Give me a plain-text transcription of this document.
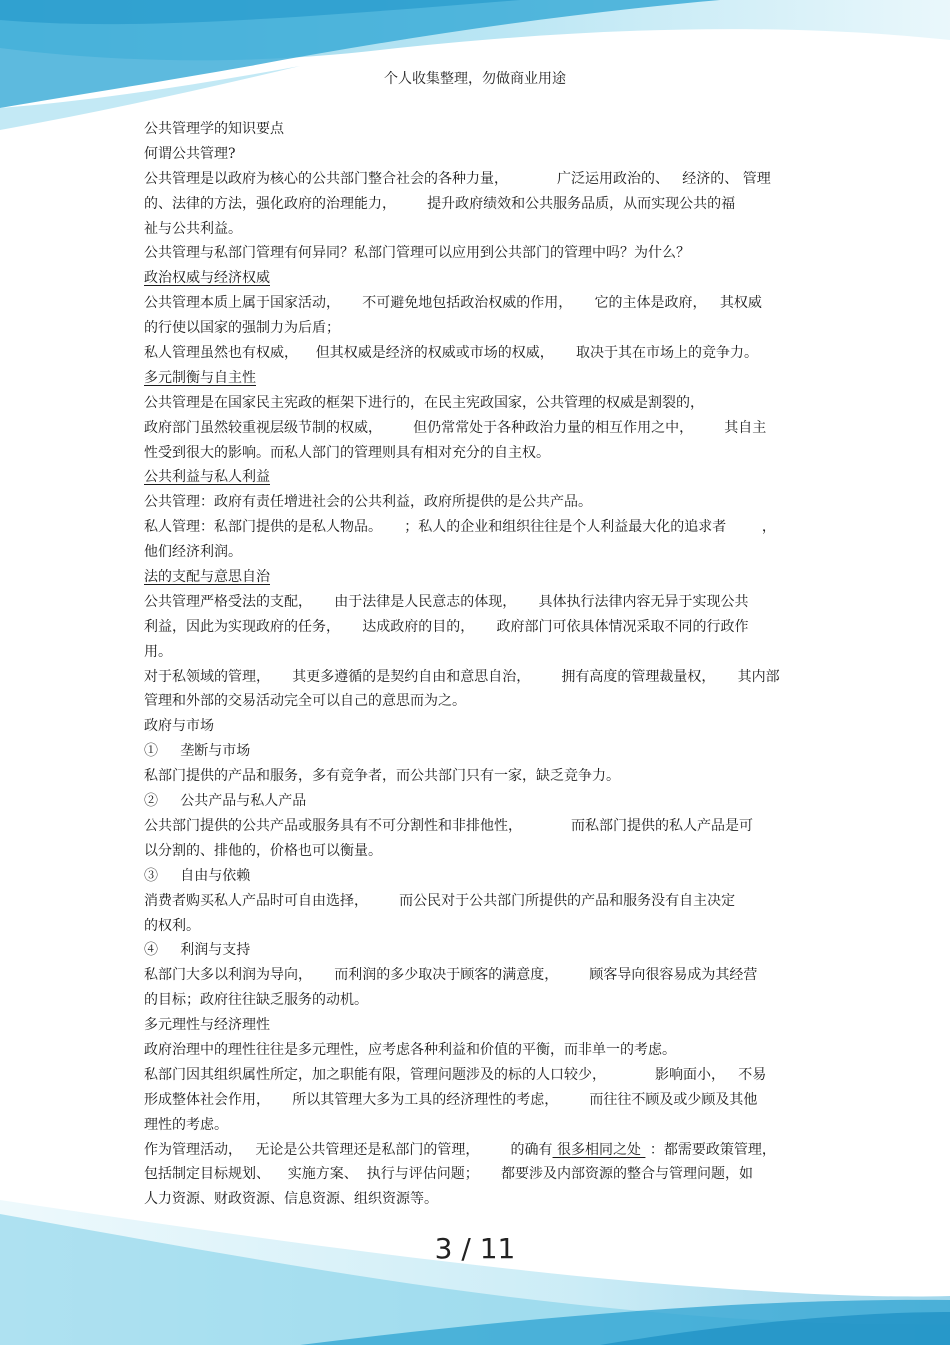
个人收集整理，勿做商业用途
公共管理学的知识要点
何谓公共管理?
公共管理是以政府为核心的公共部门整合社会的各种力量，           广泛运用政治的、   经济的、 管理
的、法律的方法，强化政府的治理能力，       提升政府绩效和公共服务品质，从而实现公共的福
祉与公共利益。
公共管理与私部门管理有何异同？私部门管理可以应用到公共部门的管理中吗？为什么？
政治权威与经济权威
公共管理本质上属于国家活动，     不可避免地包括政治权威的作用，     它的主体是政府，   其权威
的行使以国家的强制力为后盾；
私人管理虽然也有权威，    但其权威是经济的权威或市场的权威，     取决于其在市场上的竞争力。
多元制衡与自主性
公共管理是在国家民主宪政的框架下进行的，在民主宪政国家，公共管理的权威是割裂的，
政府部门虽然较重视层级节制的权威，       但仍常常处于各种政治力量的相互作用之中，       其自主
性受到很大的影响。而私人部门的管理则具有相对充分的自主权。
公共利益与私人利益
公共管理：政府有责任增进社会的公共利益，政府所提供的是公共产品。
私人管理：私部门提供的是私人物品。     ；私人的企业和组织往往是个人利益最大化的追求者        ，
他们经济利润。
法的支配与意思自治
公共管理严格受法的支配，     由于法律是人民意志的体现，     具体执行法律内容无异于实现公共
利益，因此为实现政府的任务，     达成政府的目的，     政府部门可依具体情况采取不同的行政作
用。
对于私领域的管理，     其更多遵循的是契约自由和意思自治，       拥有高度的管理裁量权，     其内部
管理和外部的交易活动完全可以自己的意思而为之。
政府与市场
①     垄断与市场
私部门提供的产品和服务，多有竞争者，而公共部门只有一家，缺乏竞争力。
②     公共产品与私人产品
公共部门提供的公共产品或服务具有不可分割性和非排他性，           而私部门提供的私人产品是可
以分割的、排他的，价格也可以衡量。
③     自由与依赖
消费者购买私人产品时可自由选择，       而公民对于公共部门所提供的产品和服务没有自主决定
的权利。
④     利润与支持
私部门大多以利润为导向，     而利润的多少取决于顾客的满意度，       顾客导向很容易成为其经营
的目标；政府往往缺乏服务的动机。
多元理性与经济理性
政府治理中的理性往往是多元理性，应考虑各种利益和价值的平衡，而非单一的考虑。
私部门因其组织属性所定，加之职能有限，管理问题涉及的标的人口较少，           影响面小，   不易
形成整体社会作用，     所以其管理大多为工具的经济理性的考虑，       而往往不顾及或少顾及其他
理性的考虑。
作为管理活动，   无论是公共管理还是私部门的管理，       的确有 很多相同之处  ：都需要政策管理，
包括制定目标规划、    实施方案、  执行与评估问题；     都要涉及内部资源的整合与管理问题，如
人力资源、财政资源、信息资源、组织资源等。
3 / 11
